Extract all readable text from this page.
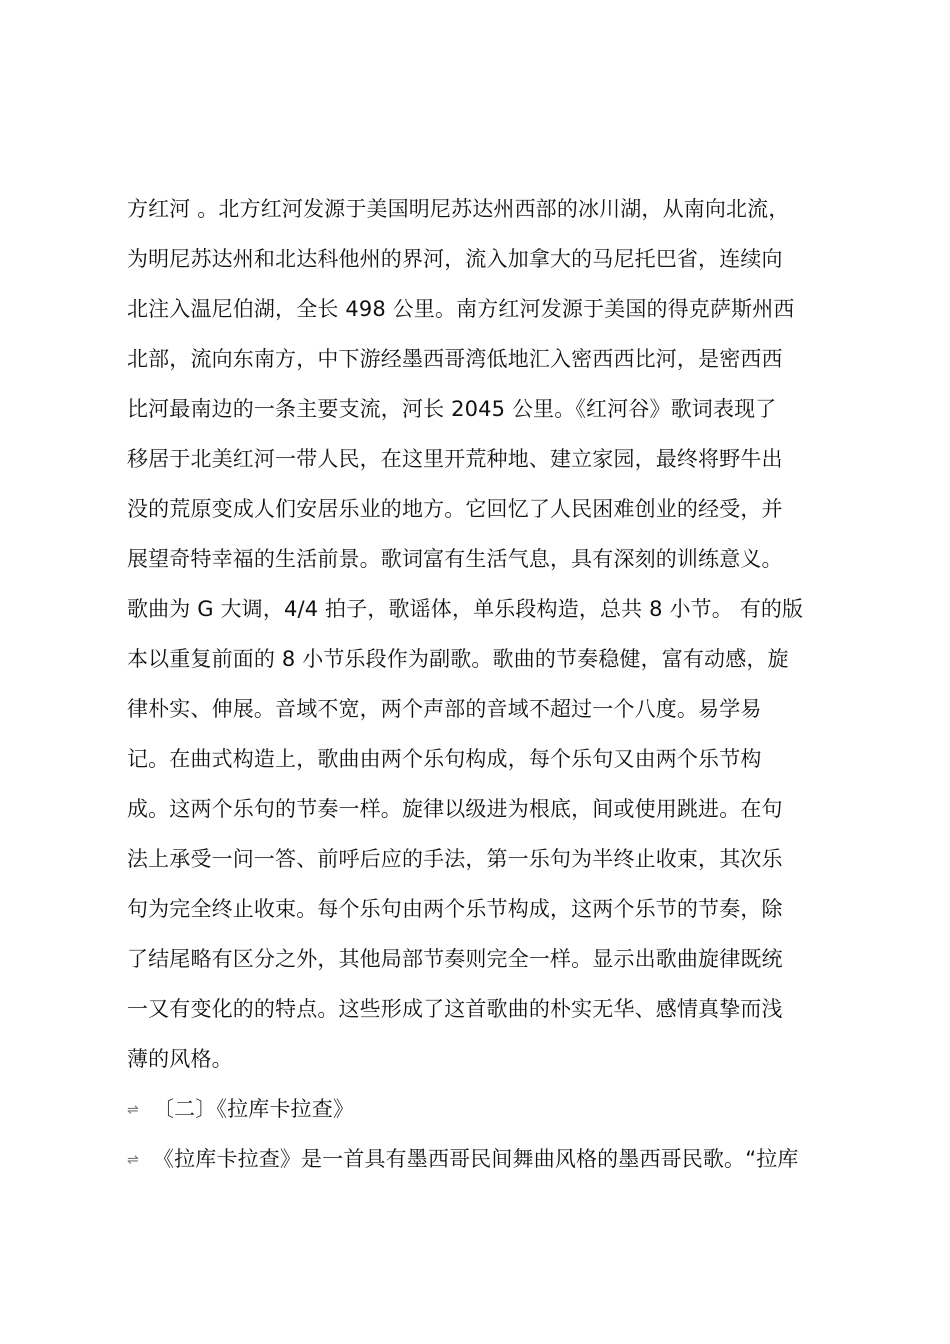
方红河 。北方红河发源于美国明尼苏达州西部的冰川湖，从南向北流，
为明尼苏达州和北达科他州的界河，流入加拿大的马尼托巴省，连续向
北注入温尼伯湖，全长 498 公里。南方红河发源于美国的得克萨斯州西
北部，流向东南方，中下游经墨西哥湾低地汇入密西西比河，是密西西
比河最南边的一条主要支流，河长 2045 公里。《红河谷》歌词表现了
移居于北美红河一带人民，在这里开荒种地、建立家园，最终将野牛出
没的荒原变成人们安居乐业的地方。它回忆了人民困难创业的经受，并
展望奇特幸福的生活前景。歌词富有生活气息，具有深刻的训练意义。
歌曲为 G 大调，4/4 拍子，歌谣体，单乐段构造，总共 8 小节。 有的版
本以重复前面的 8 小节乐段作为副歌。歌曲的节奏稳健，富有动感，旋
律朴实、伸展。音域不宽，两个声部的音域不超过一个八度。易学易
记。在曲式构造上，歌曲由两个乐句构成，每个乐句又由两个乐节构
成。这两个乐句的节奏一样。旋律以级进为根底，间或使用跳进。在句
法上承受一问一答、前呼后应的手法，第一乐句为半终止收束，其次乐
句为完全终止收束。每个乐句由两个乐节构成，这两个乐节的节奏，除
了结尾略有区分之外，其他局部节奏则完全一样。显示出歌曲旋律既统
一又有变化的的特点。这些形成了这首歌曲的朴实无华、感情真挚而浅
薄的风格。
⇌ 〔二〕《拉库卡拉查》
⇌ 《拉库卡拉查》是一首具有墨西哥民间舞曲风格的墨西哥民歌。“拉库
